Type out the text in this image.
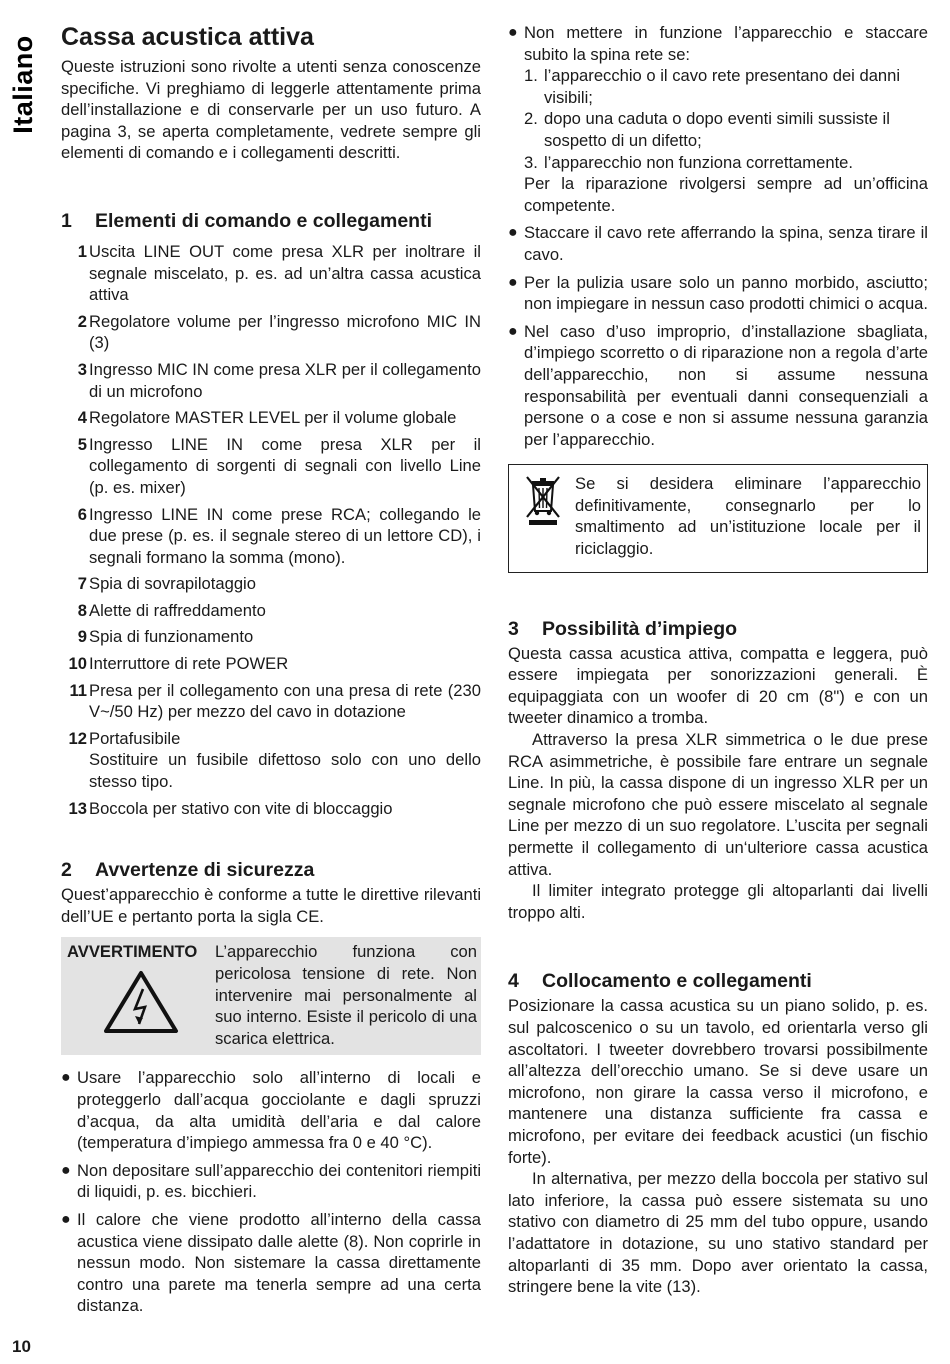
Italiano
10
Cassa acustica attiva

Queste istruzioni sono rivolte a utenti senza conoscenze specifiche. Vi preghiamo di leggerle attentamente prima dell’installazione e di conservarle per un uso futuro. A pagina 3, se aperta completamente, vedrete sempre gli elementi di comando e i collegamenti descritti.

1	Elementi di comando e collegamenti
1 Uscita LINE OUT come presa XLR per inoltrare il segnale miscelato, p. es. ad un’altra cassa acustica attiva
2 Regolatore volume per l’ingresso microfono MIC IN (3)
3 Ingresso MIC IN come presa XLR per il collegamento di un microfono
4 Regolatore MASTER LEVEL per il volume globale
5 Ingresso LINE IN come presa XLR per il collegamento di sorgenti di segnali con livello Line (p. es. mixer)
6 Ingresso LINE IN come prese RCA; collegando le due prese (p. es. il segnale stereo di un lettore CD), i segnali formano la somma (mono).
7 Spia di sovrapilotaggio
8 Alette di raffreddamento
9 Spia di funzionamento
10 Interruttore di rete POWER
11 Presa per il collegamento con una presa di rete (230 V~/50 Hz) per mezzo del cavo in dotazione
12 Portafusibile

Sostituire un fusibile difettoso solo con uno dello stesso tipo.
13 Boccola per stativo con vite di bloccaggio
2	Avvertenze di sicurezza

Quest’apparecchio è conforme a tutte le direttive rilevanti dell’UE e pertanto porta la sigla CE.

AVVERTIMENTO L’apparecchio funziona con pericolosa tensione di rete. Non intervenire mai personalmente al suo interno. Esiste il pericolo di una scarica elettrica.
● Usare l’apparecchio solo all’interno di locali e proteggerlo dall’acqua gocciolante e dagli spruzzi d’acqua, da alta umidità dell’aria e dal calore (temperatura d’impiego ammessa fra 0 e 40 °C).
● Non depositare sull’apparecchio dei contenitori riempiti di liquidi, p. es. bicchieri.
● Il calore che viene prodotto all’interno della cassa acustica viene dissipato dalle alette (8). Non coprirle in nessun modo. Non sistemare la cassa direttamente contro una parete ma tenerla sempre ad una certa distanza.
● Non mettere in funzione l’apparecchio e staccare subito la spina rete se:
1. l’apparecchio o il cavo rete presentano dei danni visibili;
2. dopo una caduta o dopo eventi simili sussiste il sospetto di un difetto;
3. l’apparecchio non funziona correttamente.
Per la riparazione rivolgersi sempre ad un’officina competente.
● Staccare il cavo rete afferrando la spina, senza tirare il cavo.
● Per la pulizia usare solo un panno morbido, asciutto; non impiegare in nessun caso prodotti chimici o acqua.
● Nel caso d’uso improprio, d’installazione sbagliata, d’impiego scorretto o di riparazione non a regola d’arte dell’apparecchio, non si assume nessuna responsabilità per eventuali danni consequenziali a persone o a cose e non si assume nessuna garanzia per l’apparecchio.
Se si desidera eliminare l’apparecchio definitivamente, consegnarlo per lo smaltimento ad un’istituzione locale per il riciclaggio.
3	Possibilità d’impiego

Questa cassa acustica attiva, compatta e leggera, può essere impiegata per sonorizzazioni generali. È equipaggiata con un woofer di 20 cm (8") e con un tweeter dinamico a tromba.

Attraverso la presa XLR simmetrica o le due prese RCA asimmetriche, è possibile fare entrare un segnale Line. In più, la cassa dispone di un ingresso XLR per un segnale microfono che può essere miscelato al segnale Line per mezzo di un suo regolatore. L’uscita per segnali permette il collegamento di un‘ulteriore cassa acustica attiva.

Il limiter integrato protegge gli altoparlanti dai livelli troppo alti.

4	Collocamento e collegamenti

Posizionare la cassa acustica su un piano solido, p. es. sul palcoscenico o su un tavolo, ed orientarla verso gli ascoltatori. I tweeter dovrebbero trovarsi possibilmente all’altezza dell’orecchio umano. Se si deve usare un microfono, non girare la cassa verso il microfono, e mantenere una distanza sufficiente fra cassa e microfono, per evitare dei feedback acustici (un fischio forte).

In alternativa, per mezzo della boccola per stativo sul lato inferiore, la cassa può essere sistemata su uno stativo con diametro di 25 mm del tubo oppure, usando l’adattatore in dotazione, su uno stativo standard per altoparlanti di 35 mm. Dopo aver orientato la cassa, stringere bene la vite (13).
